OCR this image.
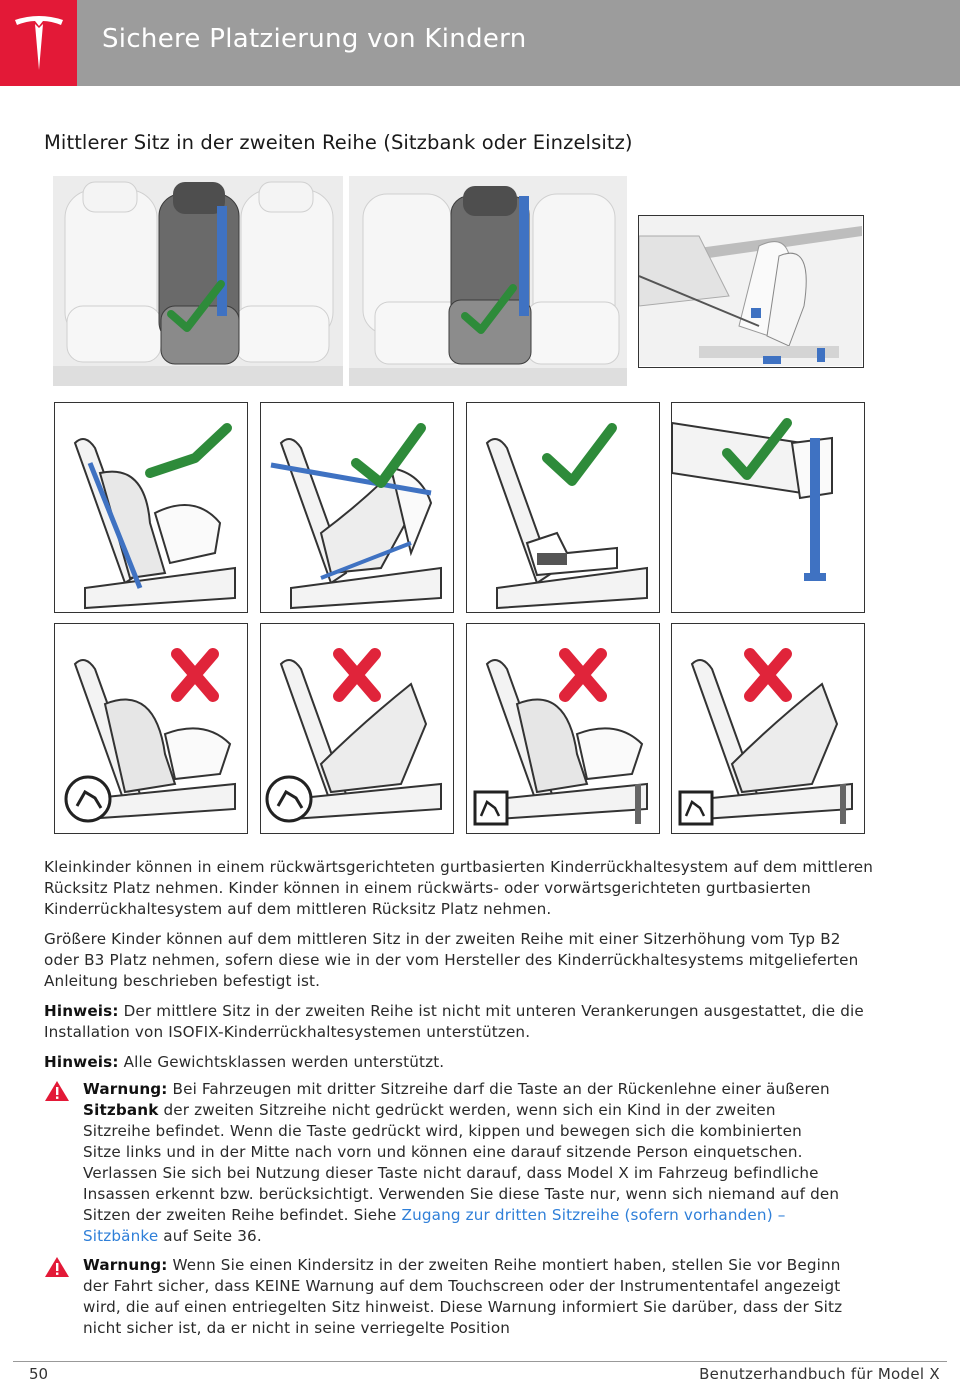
Sichere Platzierung von Kindern
Mittlerer Sitz in der zweiten Reihe (Sitzbank oder Einzelsitz)

Kleinkinder können in einem rückwärtsgerichteten gurtbasierten Kinderrückhaltesystem auf dem mittleren Rücksitz Platz nehmen. Kinder können in einem rückwärts- oder vorwärtsgerichteten gurtbasierten Kinderrückhaltesystem auf dem mittleren Rücksitz Platz nehmen.

Größere Kinder können auf dem mittleren Sitz in der zweiten Reihe mit einer Sitzerhöhung vom Typ B2 oder B3 Platz nehmen, sofern diese wie in der vom Hersteller des Kinderrückhaltesystems mitgelieferten Anleitung beschrieben befestigt ist.

Hinweis: Der mittlere Sitz in der zweiten Reihe ist nicht mit unteren Verankerungen ausgestattet, die die Installation von ISOFIX-Kinderrückhaltesystemen unterstützen.

Hinweis: Alle Gewichtsklassen werden unterstützt.

Warnung: Bei Fahrzeugen mit dritter Sitzreihe darf die Taste an der Rückenlehne einer äußeren Sitzbank der zweiten Sitzreihe nicht gedrückt werden, wenn sich ein Kind in der zweiten Sitzreihe befindet. Wenn die Taste gedrückt wird, kippen und bewegen sich die kombinierten Sitze links und in der Mitte nach vorn und können eine darauf sitzende Person einquetschen. Verlassen Sie sich bei Nutzung dieser Taste nicht darauf, dass Model X im Fahrzeug befindliche Insassen erkennt bzw. berücksichtigt. Verwenden Sie diese Taste nur, wenn sich niemand auf den Sitzen der zweiten Reihe befindet. Siehe Zugang zur dritten Sitzreihe (sofern vorhanden) – Sitzbänke auf Seite 36.

Warnung: Wenn Sie einen Kindersitz in der zweiten Reihe montiert haben, stellen Sie vor Beginn der Fahrt sicher, dass KEINE Warnung auf dem Touchscreen oder der Instrumententafel angezeigt wird, die auf einen entriegelten Sitz hinweist. Diese Warnung informiert Sie darüber, dass der Sitz nicht sicher ist, da er nicht in seine verriegelte Position

50	Benutzerhandbuch für Model X
